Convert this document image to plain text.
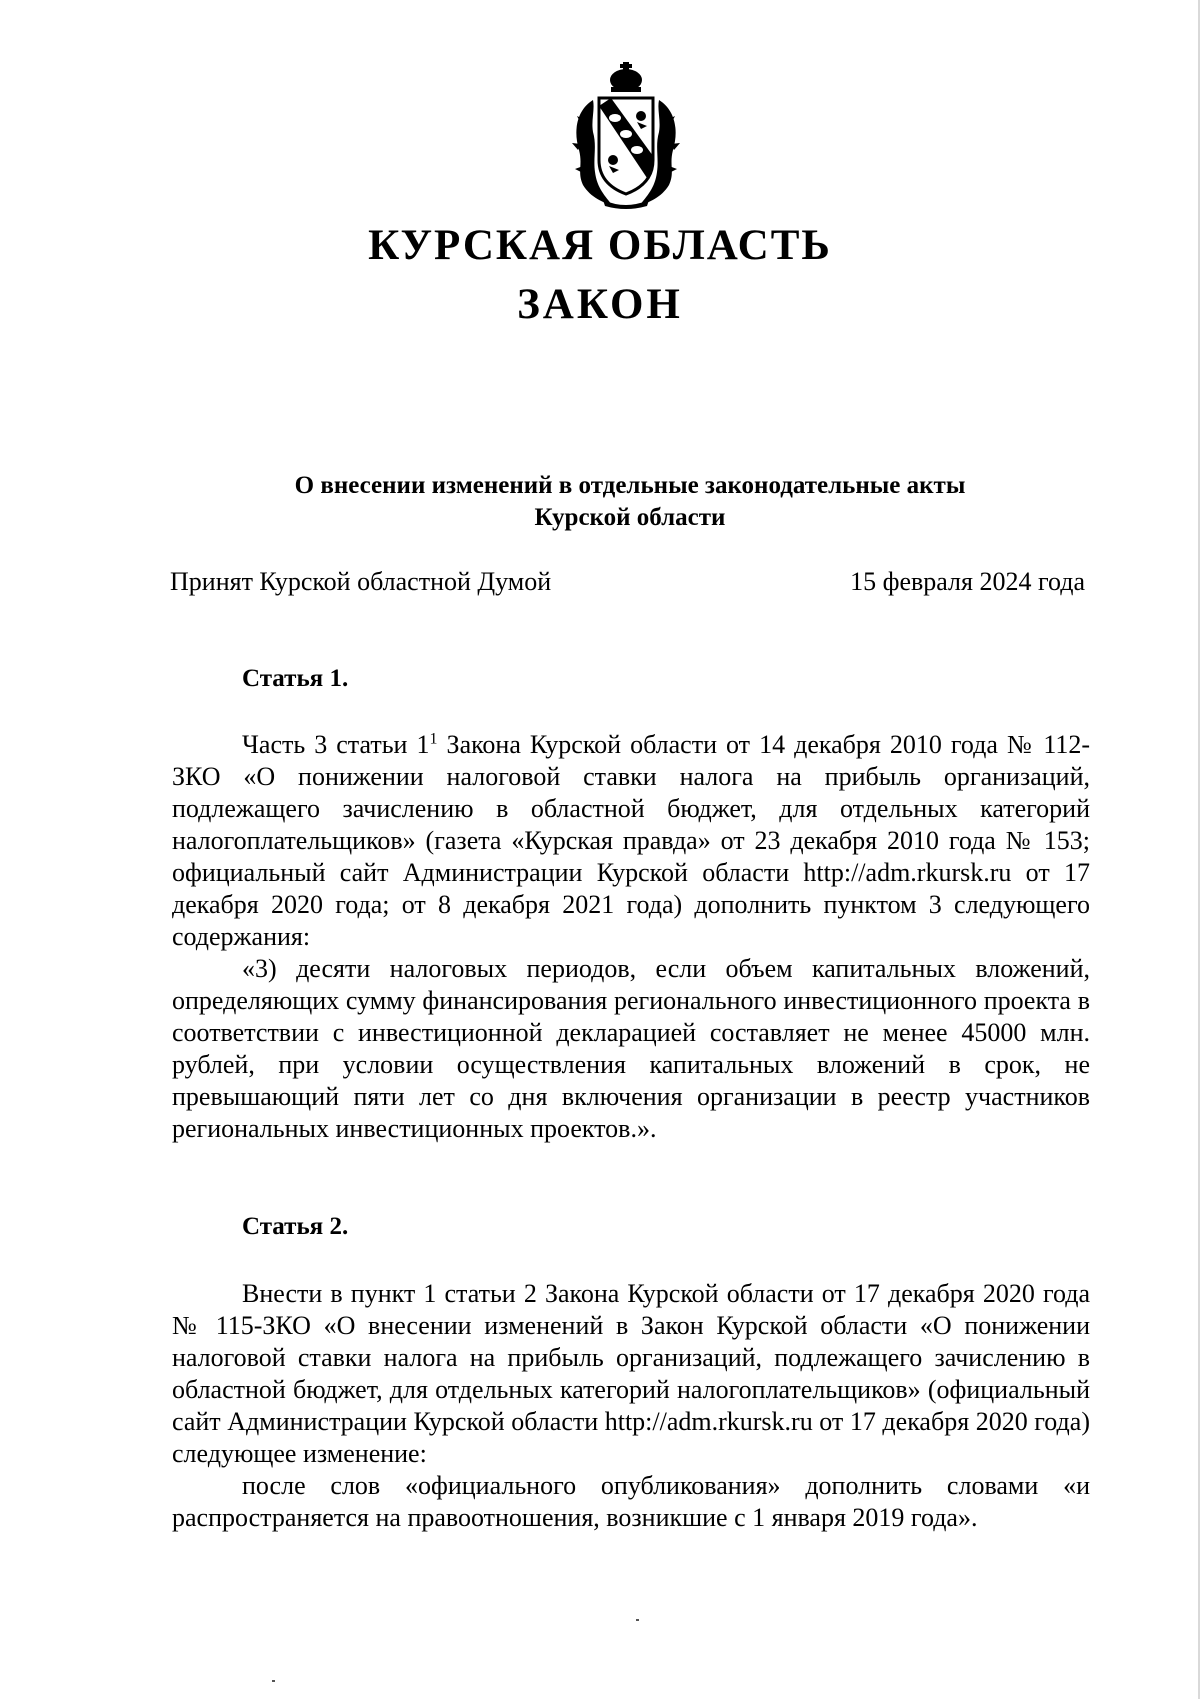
КУРСКАЯ ОБЛАСТЬ
ЗАКОН
О внесении изменений в отдельные законодательные акты
Курской области
Принят Курской областной Думой	15 февраля 2024 года
Статья 1.

Часть 3 статьи $1^1$ Закона Курской области от 14 декабря 2010 года № 112-ЗКО «О понижении налоговой ставки налога на прибыль организаций, подлежащего зачислению в областной бюджет, для отдельных категорий налогоплательщиков» (газета «Курская правда» от 23 декабря 2010 года № 153; официальный сайт Администрации Курской области http://adm.rkursk.ru от 17 декабря 2020 года; от 8 декабря 2021 года) дополнить пунктом 3 следующего содержания:

«3) десяти налоговых периодов, если объем капитальных вложений, определяющих сумму финансирования регионального инвестиционного проекта в соответствии с инвестиционной декларацией составляет не менее 45000 млн. рублей, при условии осуществления капитальных вложений в срок, не превышающий пяти лет со дня включения организации в реестр участников региональных инвестиционных проектов.».

Статья 2.

Внести в пункт 1 статьи 2 Закона Курской области от 17 декабря 2020 года № 115-ЗКО «О внесении изменений в Закон Курской области «О понижении налоговой ставки налога на прибыль организаций, подлежащего зачислению в областной бюджет, для отдельных категорий налогоплательщиков» (официальный сайт Администрации Курской области http://adm.rkursk.ru от 17 декабря 2020 года) следующее изменение:

после слов «официального опубликования» дополнить словами «и распространяется на правоотношения, возникшие с 1 января 2019 года».
